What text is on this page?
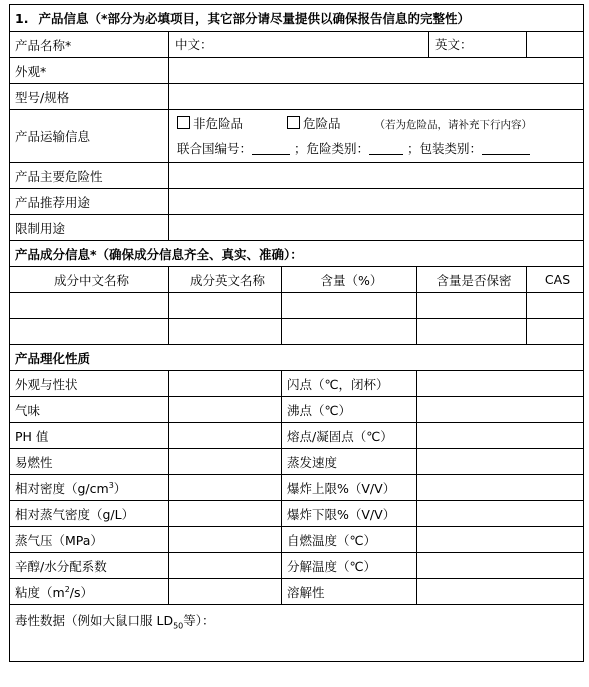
1. 产品信息（*部分为必填项目，其它部分请尽量提供以确保报告信息的完整性）				
产品名称*	中文： 英文：			

外观*				
型号/规格				
产品运输信息	非危险品 危险品 （若为危险品，请补充下行内容）
联合国编号： ；危险类别： ；包装类别：			

产品主要危险性				
产品推荐用途				
限制用途				
产品成分信息*（确保成分信息齐全、真实、准确）：				
成分中文名称	成分英文名称	含量（%）	含量是否保密	CAS

产品理化性质				
外观与性状		闪点（℃，闭杯）		
气味		沸点（℃）		
PH 值		熔点/凝固点（℃）		
易燃性		蒸发速度		
相对密度$(g/cm^3)$		爆炸上限%（V/V）		
相对蒸气密度（g/L）		爆炸下限%（V/V）		
蒸气压（MPa）		自燃温度（℃）		
辛醇/水分配系数		分解温度（℃）		
粘度$(m^2/s)$		溶解性		
毒性数据（例如大鼠口服 $LD_{50}$等）：				
